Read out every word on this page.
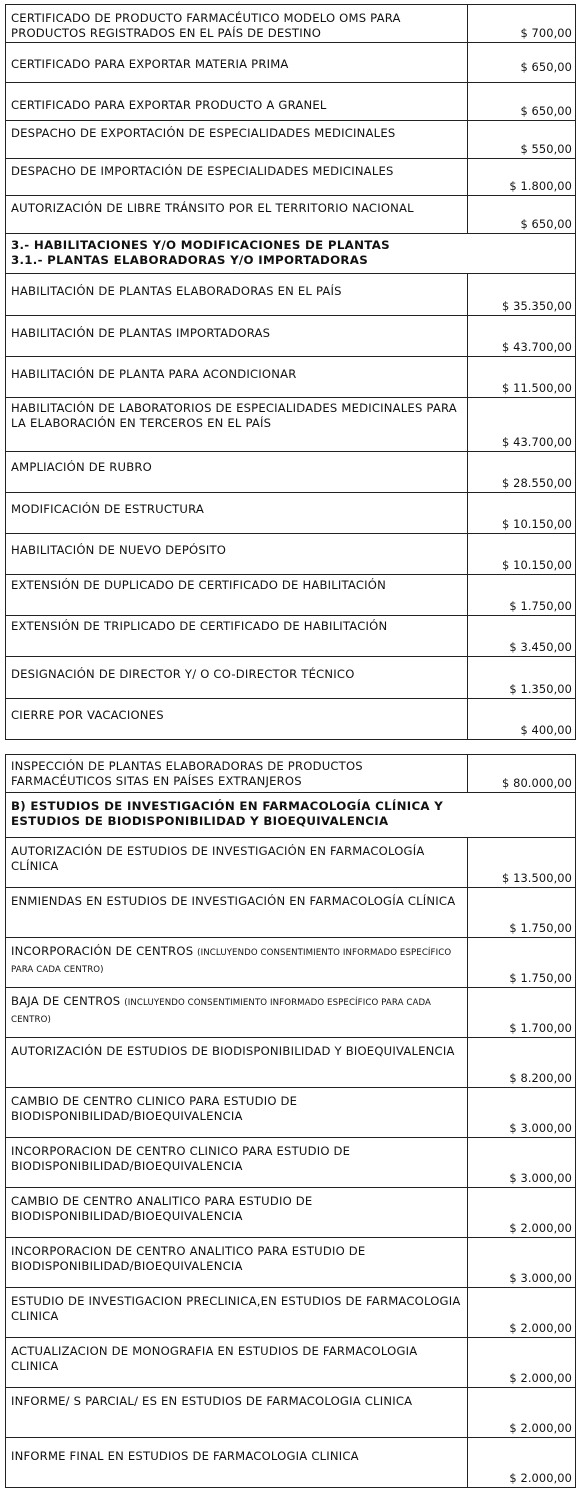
CERTIFICADO DE PRODUCTO FARMACÉUTICO MODELO OMS PARA PRODUCTOS REGISTRADOS EN EL PAÍS DE DESTINO	$ 700,00
CERTIFICADO PARA EXPORTAR MATERIA PRIMA	$ 650,00
CERTIFICADO PARA EXPORTAR PRODUCTO A GRANEL	$ 650,00
DESPACHO DE EXPORTACIÓN DE ESPECIALIDADES MEDICINALES	$ 550,00
DESPACHO DE IMPORTACIÓN DE ESPECIALIDADES MEDICINALES	$ 1.800,00
AUTORIZACIÓN DE LIBRE TRÁNSITO POR EL TERRITORIO NACIONAL	$ 650,00

3.- HABILITACIONES Y/O MODIFICACIONES DE PLANTAS
3.1.- PLANTAS ELABORADORAS Y/O IMPORTADORAS	

HABILITACIÓN DE PLANTAS ELABORADORAS EN EL PAÍS	$ 35.350,00
HABILITACIÓN DE PLANTAS IMPORTADORAS	$ 43.700,00
HABILITACIÓN DE PLANTA PARA ACONDICIONAR	$ 11.500,00
HABILITACIÓN DE LABORATORIOS DE ESPECIALIDADES MEDICINALES PARA LA ELABORACIÓN EN TERCEROS EN EL PAÍS	$ 43.700,00
AMPLIACIÓN DE RUBRO	$ 28.550,00
MODIFICACIÓN DE ESTRUCTURA	$ 10.150,00
HABILITACIÓN DE NUEVO DEPÓSITO	$ 10.150,00
EXTENSIÓN DE DUPLICADO DE CERTIFICADO DE HABILITACIÓN	$ 1.750,00
EXTENSIÓN DE TRIPLICADO DE CERTIFICADO DE HABILITACIÓN	$ 3.450,00
DESIGNACIÓN DE DIRECTOR Y/ O CO-DIRECTOR TÉCNICO	$ 1.350,00
CIERRE POR VACACIONES	$ 400,00
INSPECCIÓN DE PLANTAS ELABORADORAS DE PRODUCTOS FARMACÉUTICOS SITAS EN PAÍSES EXTRANJEROS	$ 80.000,00

B) ESTUDIOS DE INVESTIGACIÓN EN FARMACOLOGÍA CLÍNICA Y
ESTUDIOS DE BIODISPONIBILIDAD Y BIOEQUIVALENCIA	

AUTORIZACIÓN DE ESTUDIOS DE INVESTIGACIÓN EN FARMACOLOGÍA CLÍNICA	$ 13.500,00
ENMIENDAS EN ESTUDIOS DE INVESTIGACIÓN EN FARMACOLOGÍA CLÍNICA	$ 1.750,00
INCORPORACIÓN DE CENTROS (INCLUYENDO CONSENTIMIENTO INFORMADO ESPECÍFICO PARA CADA CENTRO)	$ 1.750,00
BAJA DE CENTROS (INCLUYENDO CONSENTIMIENTO INFORMADO ESPECÍFICO PARA CADA CENTRO)	$ 1.700,00
AUTORIZACIÓN DE ESTUDIOS DE BIODISPONIBILIDAD Y BIOEQUIVALENCIA	$ 8.200,00
CAMBIO DE CENTRO CLINICO PARA ESTUDIO DE BIODISPONIBILIDAD/BIOEQUIVALENCIA	$ 3.000,00
INCORPORACION DE CENTRO CLINICO PARA ESTUDIO DE BIODISPONIBILIDAD/BIOEQUIVALENCIA	$ 3.000,00
CAMBIO DE CENTRO ANALITICO PARA ESTUDIO DE BIODISPONIBILIDAD/BIOEQUIVALENCIA	$ 2.000,00
INCORPORACION DE CENTRO ANALITICO PARA ESTUDIO DE BIODISPONIBILIDAD/BIOEQUIVALENCIA	$ 3.000,00
ESTUDIO DE INVESTIGACION PRECLINICA,EN ESTUDIOS DE FARMACOLOGIA CLINICA	$ 2.000,00
ACTUALIZACION DE MONOGRAFIA EN ESTUDIOS DE FARMACOLOGIA CLINICA	$ 2.000,00
INFORME/ S PARCIAL/ ES EN ESTUDIOS DE FARMACOLOGIA CLINICA	$ 2.000,00
INFORME FINAL EN ESTUDIOS DE FARMACOLOGIA CLINICA	$ 2.000,00
